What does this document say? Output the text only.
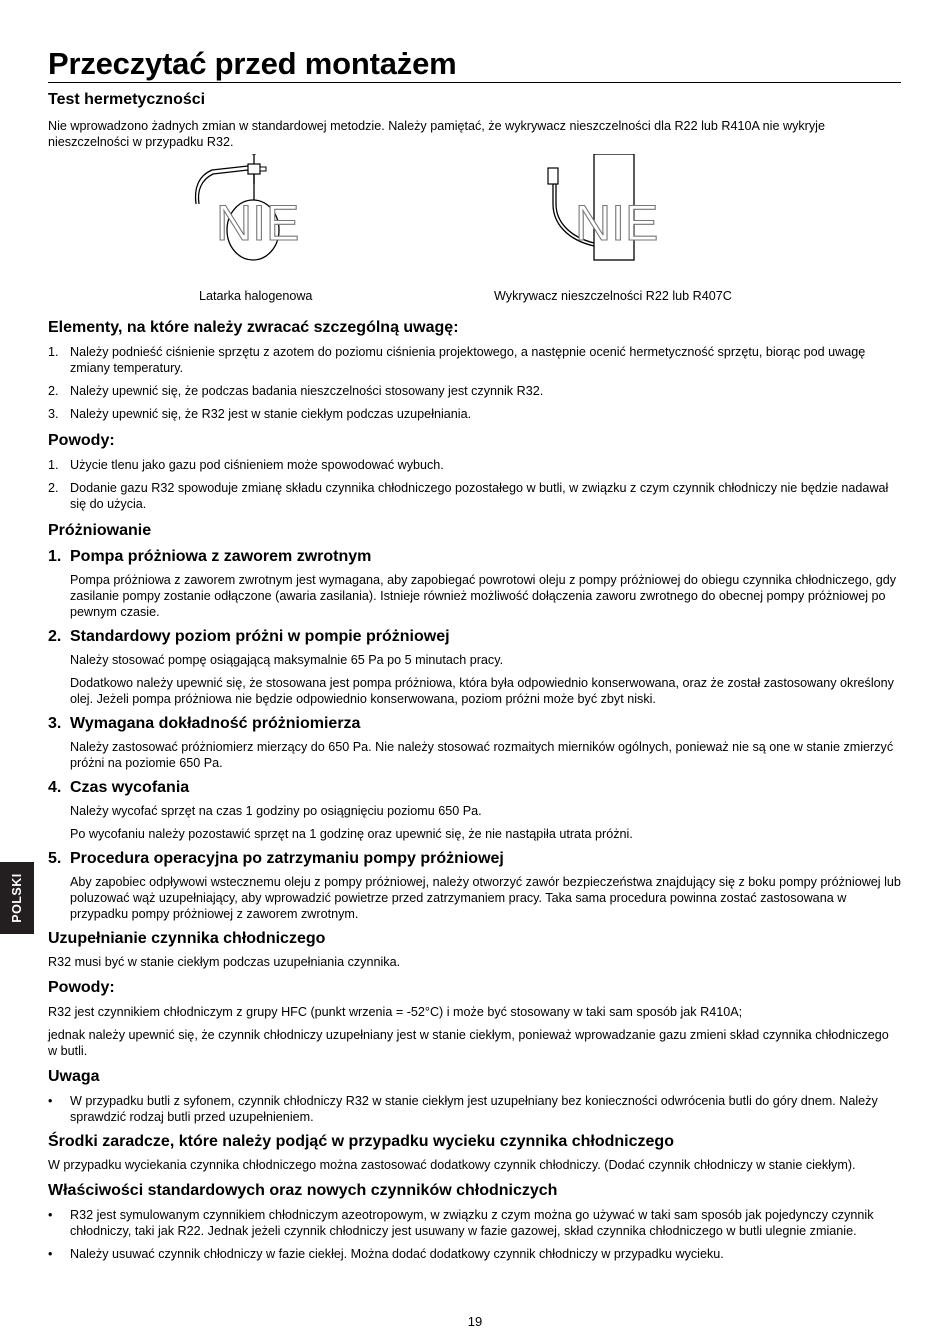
Przeczytać przed montażem
Test hermetyczności

Nie wprowadzono żadnych zmian w standardowej metodzie. Należy pamiętać, że wykrywacz nieszczelności dla R22 lub R410A nie wykryje nieszczelności w przypadku R32.

NIE	NIE
Latarka halogenowa	Wykrywacz nieszczelności R22 lub R407C
Elementy, na które należy zwracać szczególną uwagę:
1. Należy podnieść ciśnienie sprzętu z azotem do poziomu ciśnienia projektowego, a następnie ocenić hermetyczność sprzętu, biorąc pod uwagę zmiany temperatury.
2. Należy upewnić się, że podczas badania nieszczelności stosowany jest czynnik R32.
3. Należy upewnić się, że R32 jest w stanie ciekłym podczas uzupełniania.
Powody:
1. Użycie tlenu jako gazu pod ciśnieniem może spowodować wybuch.
2. Dodanie gazu R32 spowoduje zmianę składu czynnika chłodniczego pozostałego w butli, w związku z czym czynnik chłodniczy nie będzie nadawał się do użycia.
Próżniowanie
1. Pompa próżniowa z zaworem zwrotnym

Pompa próżniowa z zaworem zwrotnym jest wymagana, aby zapobiegać powrotowi oleju z pompy próżniowej do obiegu czynnika chłodniczego, gdy zasilanie pompy zostanie odłączone (awaria zasilania). Istnieje również możliwość dołączenia zaworu zwrotnego do obecnej pompy próżniowej po pewnym czasie.

2. Standardowy poziom próżni w pompie próżniowej

Należy stosować pompę osiągającą maksymalnie 65 Pa po 5 minutach pracy.

Dodatkowo należy upewnić się, że stosowana jest pompa próżniowa, która była odpowiednio konserwowana, oraz że został zastosowany określony olej. Jeżeli pompa próżniowa nie będzie odpowiednio konserwowana, poziom próżni może być zbyt niski.

3. Wymagana dokładność próżniomierza

Należy zastosować próżniomierz mierzący do 650 Pa. Nie należy stosować rozmaitych mierników ogólnych, ponieważ nie są one w stanie zmierzyć próżni na poziomie 650 Pa.

4. Czas wycofania

Należy wycofać sprzęt na czas 1 godziny po osiągnięciu poziomu 650 Pa.

Po wycofaniu należy pozostawić sprzęt na 1 godzinę oraz upewnić się, że nie nastąpiła utrata próżni.

5. Procedura operacyjna po zatrzymaniu pompy próżniowej

Aby zapobiec odpływowi wstecznemu oleju z pompy próżniowej, należy otworzyć zawór bezpieczeństwa znajdujący się z boku pompy próżniowej lub poluzować wąż uzupełniający, aby wprowadzić powietrze przed zatrzymaniem pracy. Taka sama procedura powinna zostać zastosowana w przypadku pompy próżniowej z zaworem zwrotnym.

Uzupełnianie czynnika chłodniczego

R32 musi być w stanie ciekłym podczas uzupełniania czynnika.

Powody:

R32 jest czynnikiem chłodniczym z grupy HFC (punkt wrzenia = -52°C) i może być stosowany w taki sam sposób jak R410A;

jednak należy upewnić się, że czynnik chłodniczy uzupełniany jest w stanie ciekłym, ponieważ wprowadzanie gazu zmieni skład czynnika chłodniczego w butli.

Uwaga
• W przypadku butli z syfonem, czynnik chłodniczy R32 w stanie ciekłym jest uzupełniany bez konieczności odwrócenia butli do góry dnem. Należy sprawdzić rodzaj butli przed uzupełnieniem.
Środki zaradcze, które należy podjąć w przypadku wycieku czynnika chłodniczego

W przypadku wyciekania czynnika chłodniczego można zastosować dodatkowy czynnik chłodniczy. (Dodać czynnik chłodniczy w stanie ciekłym).

Właściwości standardowych oraz nowych czynników chłodniczych
• R32 jest symulowanym czynnikiem chłodniczym azeotropowym, w związku z czym można go używać w taki sam sposób jak pojedynczy czynnik chłodniczy, taki jak R22. Jednak jeżeli czynnik chłodniczy jest usuwany w fazie gazowej, skład czynnika chłodniczego w butli ulegnie zmianie.
• Należy usuwać czynnik chłodniczy w fazie ciekłej. Można dodać dodatkowy czynnik chłodniczy w przypadku wycieku.
POLSKI
19
